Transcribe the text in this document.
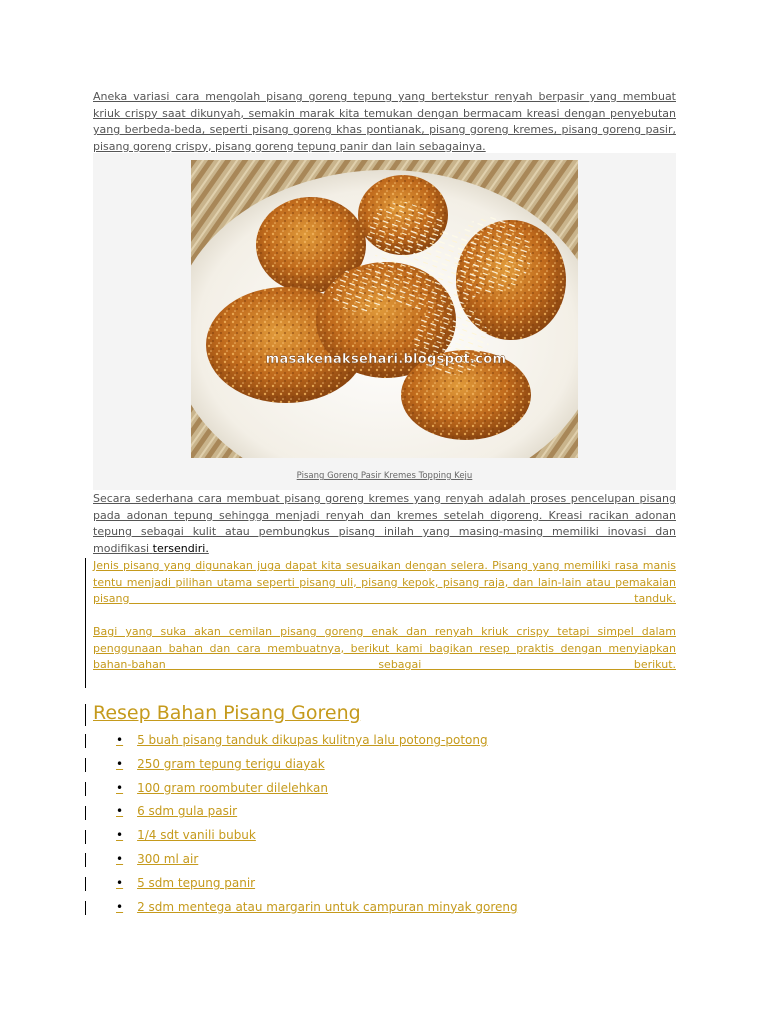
Aneka variasi cara mengolah pisang goreng tepung yang bertekstur renyah berpasir yang membuat kriuk crispy saat dikunyah, semakin marak kita temukan dengan bermacam kreasi dengan penyebutan yang berbeda-beda, seperti pisang goreng khas pontianak, pisang goreng kremes, pisang goreng pasir, pisang goreng crispy, pisang goreng tepung panir dan lain sebagainya.
masakenaksehari.blogspot.com
Pisang Goreng Pasir Kremes Topping Keju
Secara sederhana cara membuat pisang goreng kremes yang renyah adalah proses pencelupan pisang pada adonan tepung sehingga menjadi renyah dan kremes setelah digoreng. Kreasi racikan adonan tepung sebagai kulit atau pembungkus pisang inilah yang masing-masing memiliki inovasi dan modifikasi tersendiri.
Jenis pisang yang digunakan juga dapat kita sesuaikan dengan selera. Pisang yang memiliki rasa manis tentu menjadi pilihan utama seperti pisang uli, pisang kepok, pisang raja, dan lain-lain atau pemakaian pisang tanduk.
Bagi yang suka akan cemilan pisang goreng enak dan renyah kriuk crispy tetapi simpel dalam penggunaan bahan dan cara membuatnya, berikut kami bagikan resep praktis dengan menyiapkan bahan-bahan sebagai berikut.
Resep Bahan Pisang Goreng
• 5 buah pisang tanduk dikupas kulitnya lalu potong-potong
• 250 gram tepung terigu diayak
• 100 gram roombuter dilelehkan
• 6 sdm gula pasir
• 1/4 sdt vanili bubuk
• 300 ml air
• 5 sdm tepung panir
• 2 sdm mentega atau margarin untuk campuran minyak goreng
